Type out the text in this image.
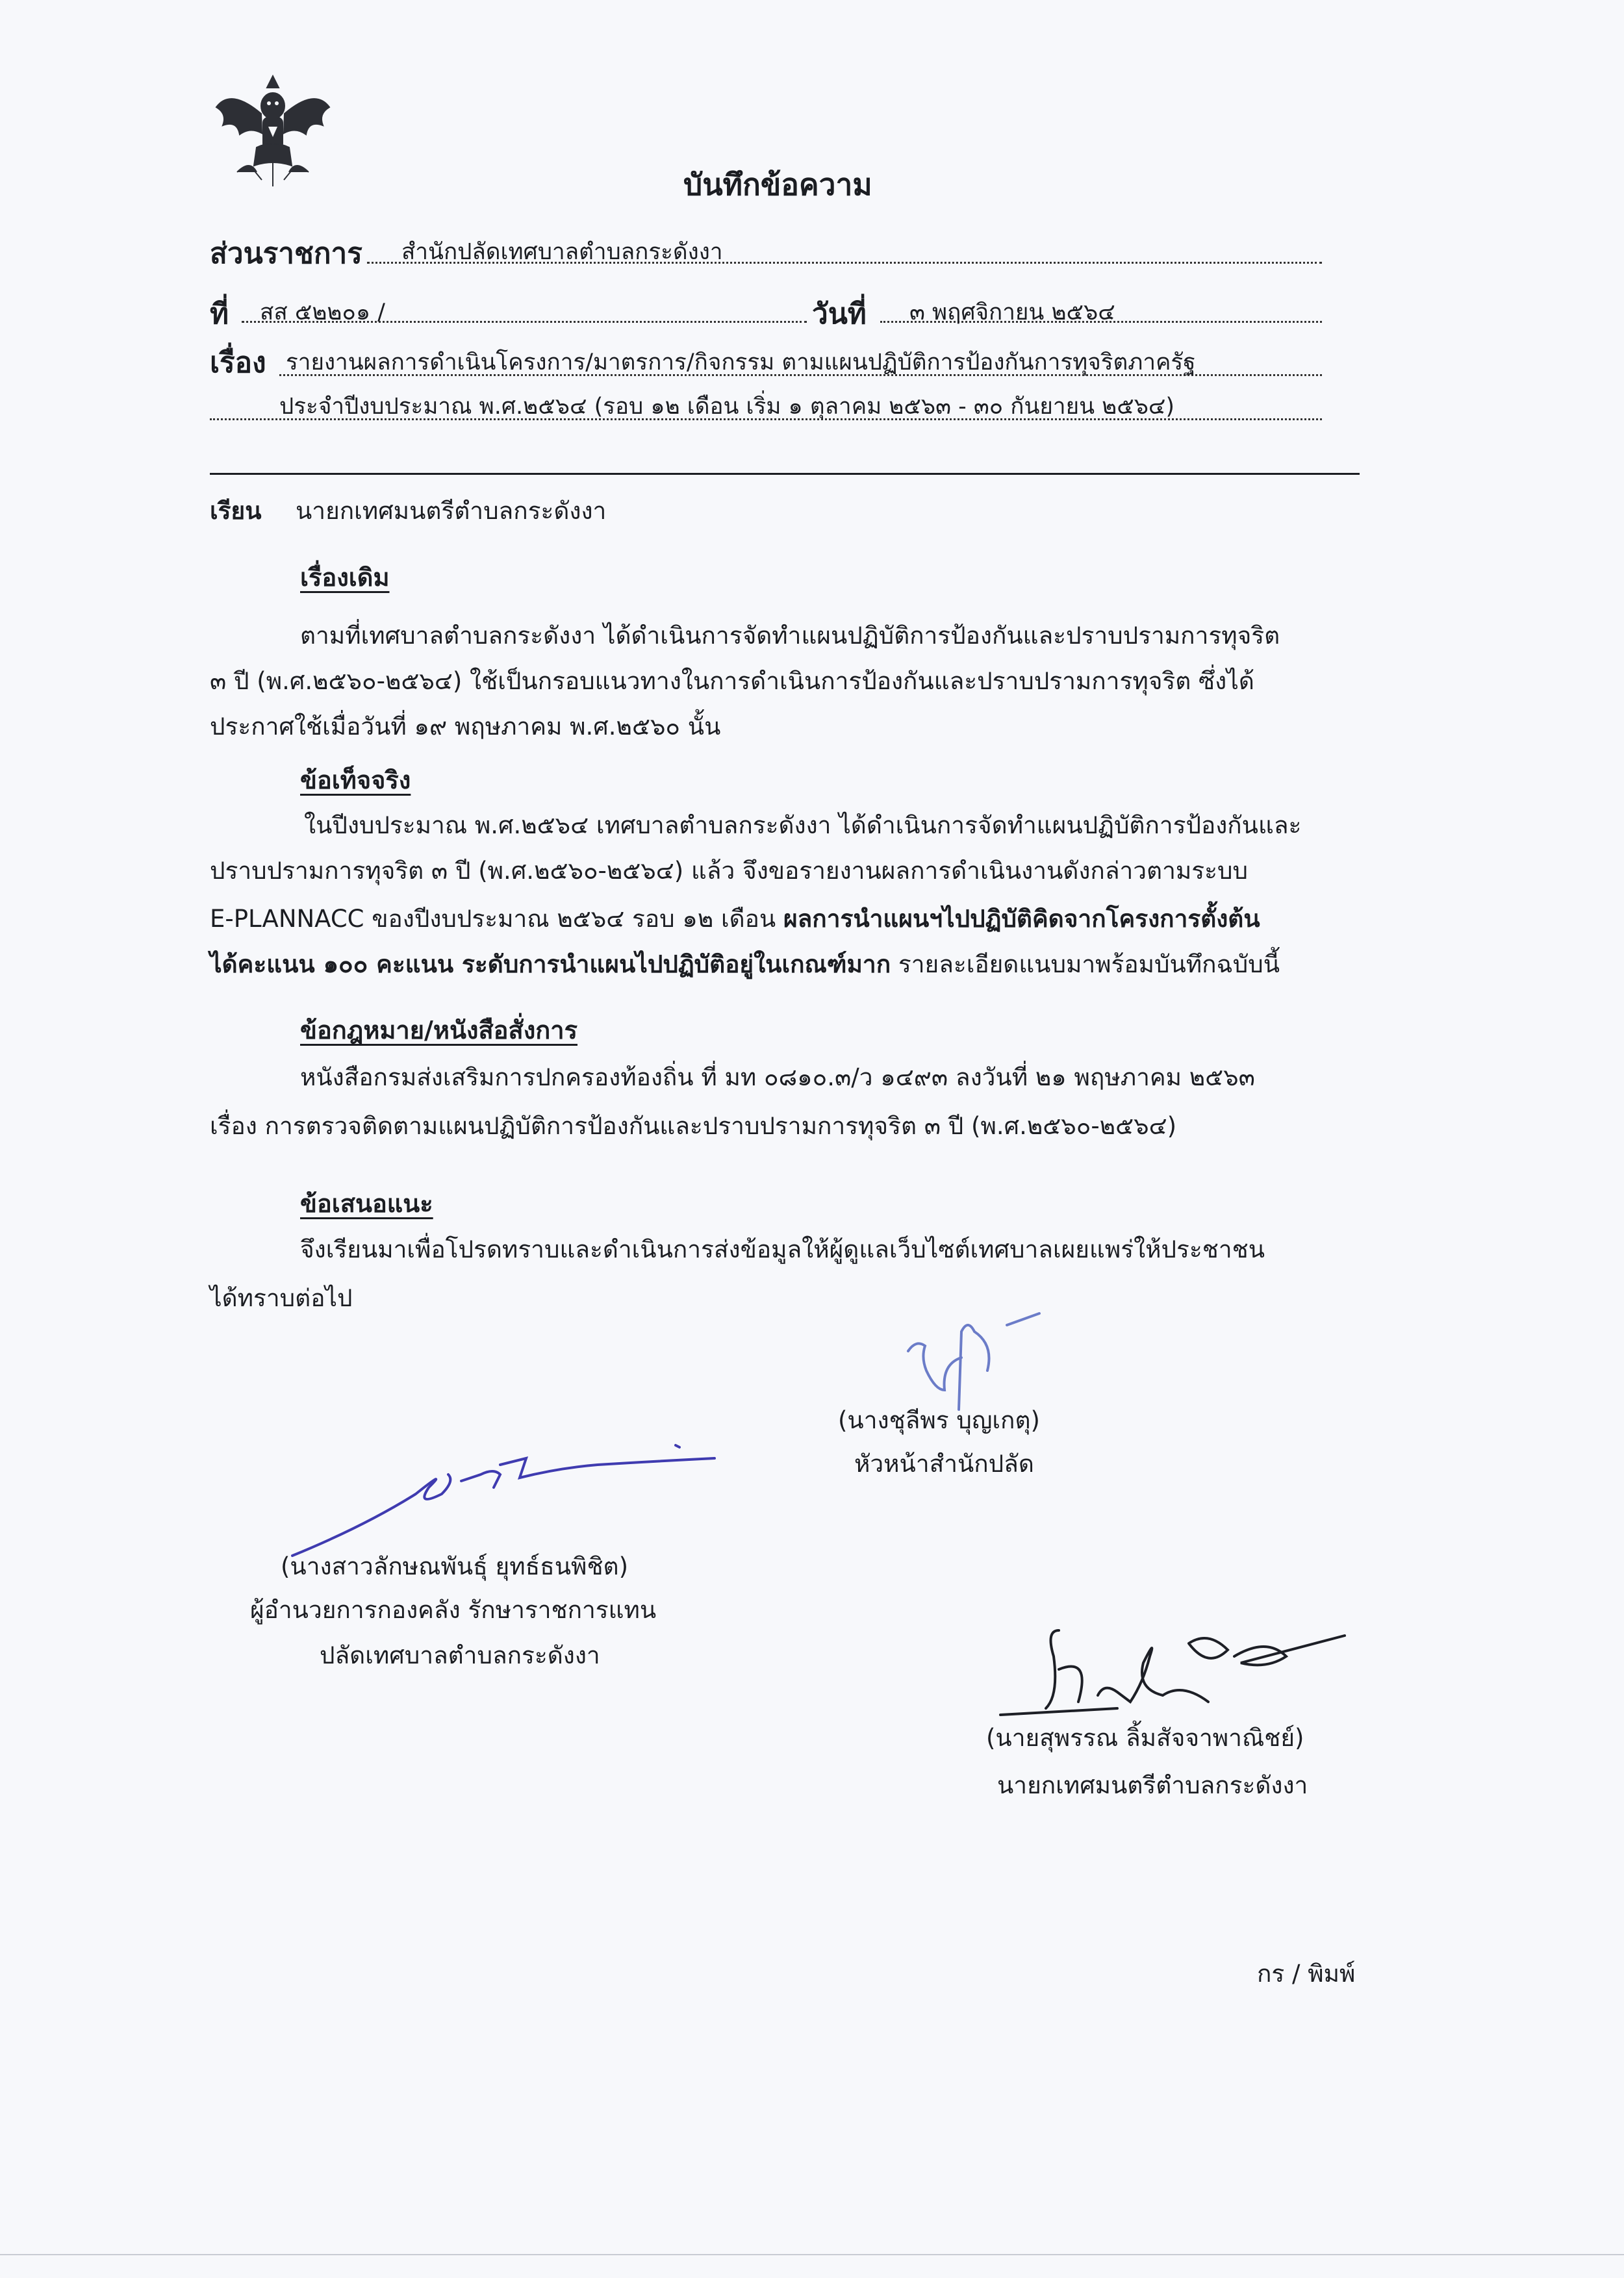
บันทึกข้อความ
ส่วนราชการ สำนักปลัดเทศบาลตำบลกระดังงา
ที่ สส ๕๒๒๐๑ /	วันที่ ๓ พฤศจิกายน ๒๕๖๔
เรื่อง รายงานผลการดำเนินโครงการ/มาตรการ/กิจกรรม ตามแผนปฏิบัติการป้องกันการทุจริตภาครัฐ
ประจำปีงบประมาณ พ.ศ.๒๕๖๔ (รอบ ๑๒ เดือน เริ่ม ๑ ตุลาคม ๒๕๖๓ - ๓๐ กันยายน ๒๕๖๔)
เรียน นายกเทศมนตรีตำบลกระดังงา
เรื่องเดิม
ตามที่เทศบาลตำบลกระดังงา ได้ดำเนินการจัดทำแผนปฏิบัติการป้องกันและปราบปรามการทุจริต
๓ ปี (พ.ศ.๒๕๖๐-๒๕๖๔) ใช้เป็นกรอบแนวทางในการดำเนินการป้องกันและปราบปรามการทุจริต ซึ่งได้
ประกาศใช้เมื่อวันที่ ๑๙ พฤษภาคม พ.ศ.๒๕๖๐ นั้น
ข้อเท็จจริง
ในปีงบประมาณ พ.ศ.๒๕๖๔ เทศบาลตำบลกระดังงา ได้ดำเนินการจัดทำแผนปฏิบัติการป้องกันและ
ปราบปรามการทุจริต ๓ ปี (พ.ศ.๒๕๖๐-๒๕๖๔) แล้ว จึงขอรายงานผลการดำเนินงานดังกล่าวตามระบบ
E-PLANNACC ของปีงบประมาณ ๒๕๖๔ รอบ ๑๒ เดือน ผลการนำแผนฯไปปฏิบัติคิดจากโครงการตั้งต้น
ได้คะแนน ๑๐๐ คะแนน ระดับการนำแผนไปปฏิบัติอยู่ในเกณฑ์มาก รายละเอียดแนบมาพร้อมบันทึกฉบับนี้
ข้อกฎหมาย/หนังสือสั่งการ
หนังสือกรมส่งเสริมการปกครองท้องถิ่น ที่ มท ๐๘๑๐.๓/ว ๑๔๙๓ ลงวันที่ ๒๑ พฤษภาคม ๒๕๖๓
เรื่อง การตรวจติดตามแผนปฏิบัติการป้องกันและปราบปรามการทุจริต ๓ ปี (พ.ศ.๒๕๖๐-๒๕๖๔)
ข้อเสนอแนะ
จึงเรียนมาเพื่อโปรดทราบและดำเนินการส่งข้อมูลให้ผู้ดูแลเว็บไซต์เทศบาลเผยแพร่ให้ประชาชน
ได้ทราบต่อไป
(นางชุลีพร บุญเกตุ)
หัวหน้าสำนักปลัด
(นางสาวลักษณพันธุ์ ยุทธ์ธนพิชิต)
ผู้อำนวยการกองคลัง รักษาราชการแทน
ปลัดเทศบาลตำบลกระดังงา
(นายสุพรรณ ลิ้มสัจจาพาณิชย์)
นายกเทศมนตรีตำบลกระดังงา
กร / พิมพ์
